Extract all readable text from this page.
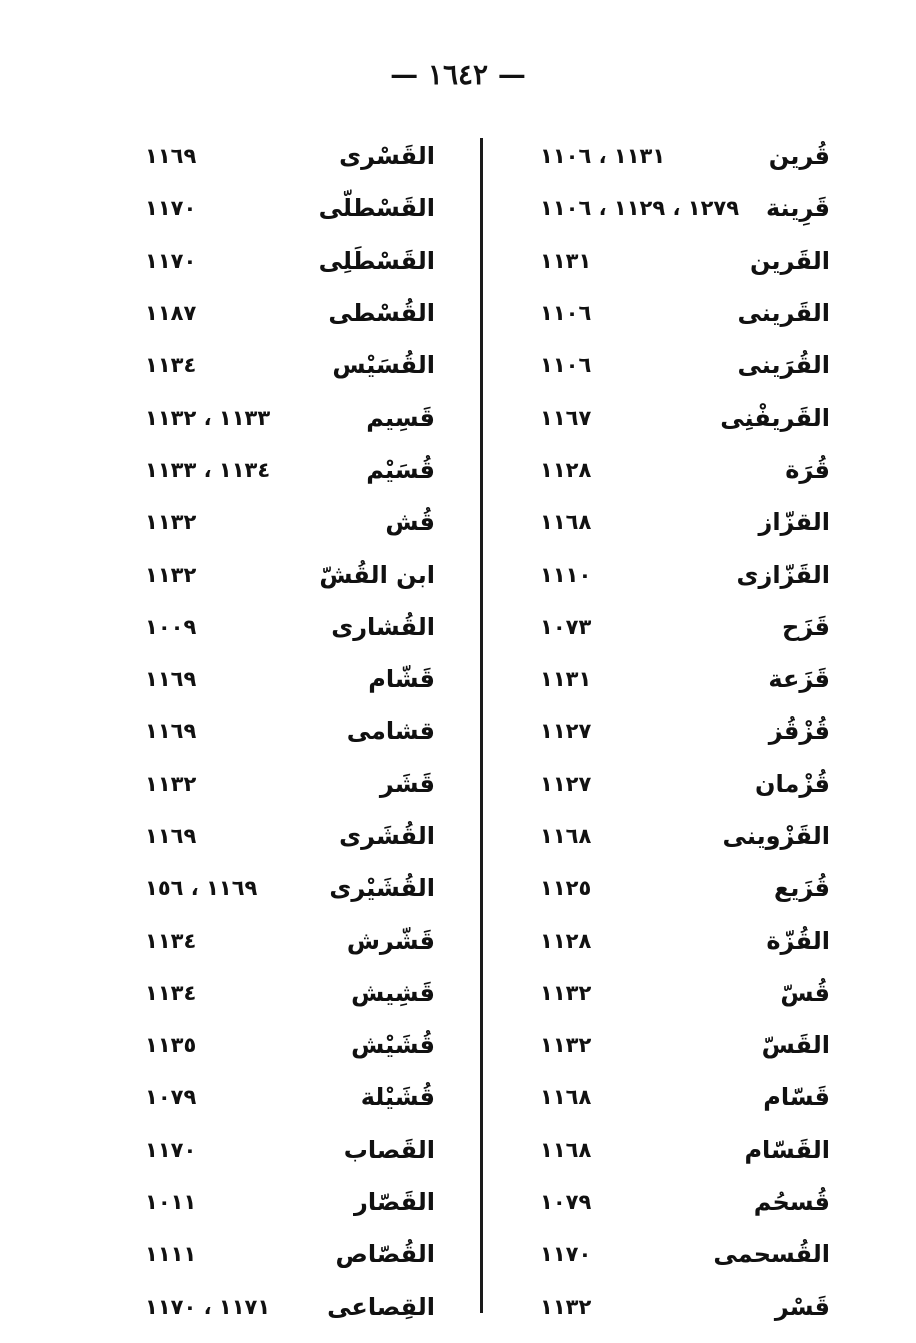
— ١٦٤٢ —
قُرين
١١٣١ ، ١١٠٦
قَرِينة
١٢٧٩ ، ١١٢٩ ، ١١٠٦
القَرين
١١٣١
القَرينى
١١٠٦
القُرَينى
١١٠٦
القَريفْنِى
١١٦٧
قُرَة
١١٢٨
القزّاز
١١٦٨
القَزّازى
١١١٠
قَزَح
١٠٧٣
قَزَعة
١١٣١
قُزْقُز
١١٢٧
قُزْمان
١١٢٧
القَزْوينى
١١٦٨
قُزَيع
١١٢٥
القُزّة
١١٢٨
قُسّ
١١٣٢
القَسّ
١١٣٢
قَسّام
١١٦٨
القَسّام
١١٦٨
قُسحُم
١٠٧٩
القُسحمى
١١٧٠
قَسْر
١١٣٢
القَسْرى
١١٦٩
القَسْطلّى
١١٧٠
القَسْطَلِى
١١٧٠
القُسْطى
١١٨٧
القُسَيْس
١١٣٤
قَسِيم
١١٣٣ ، ١١٣٢
قُسَيْم
١١٣٤ ، ١١٣٣
قُش
١١٣٢
ابن القُشّ
١١٣٢
القُشارى
١٠٠٩
قَشّام
١١٦٩
قشامى
١١٦٩
قَشَر
١١٣٢
القُشَرى
١١٦٩
القُشَيْرى
١١٦٩ ، ١٥٦
قَشّرش
١١٣٤
قَشِيش
١١٣٤
قُشَيْش
١١٣٥
قُشَيْلة
١٠٧٩
القَصاب
١١٧٠
القَصّار
١٠١١
القُصّاص
١١١١
القِصاعى
١١٧١ ، ١١٧٠
